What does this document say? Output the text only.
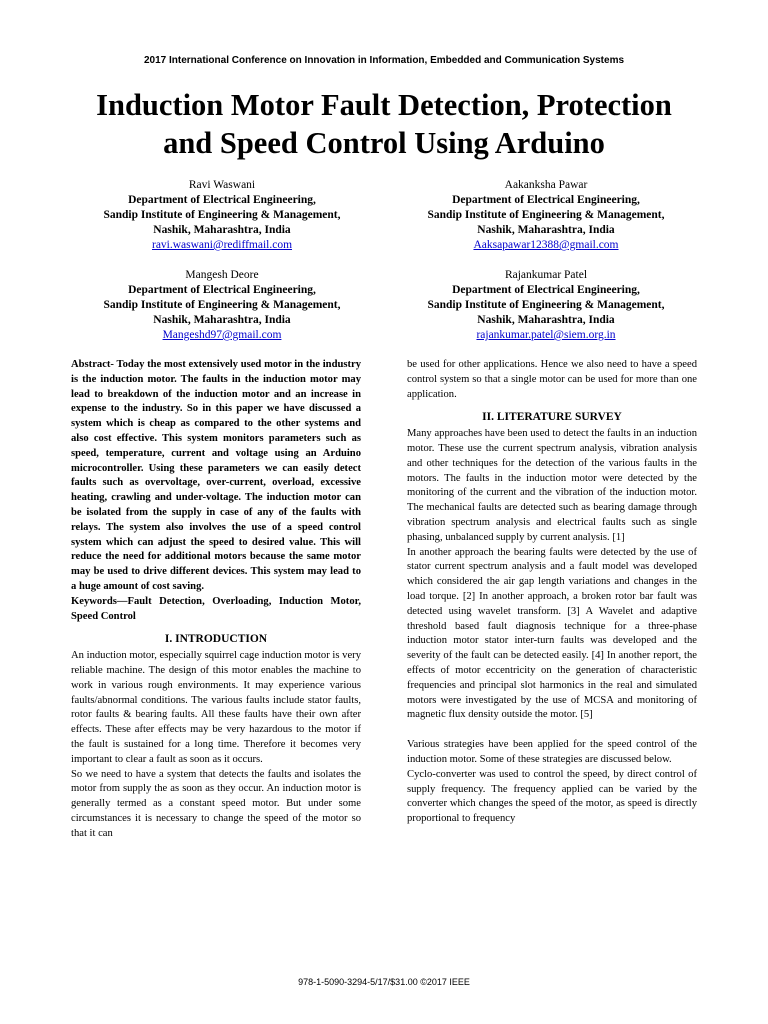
2017 International Conference on Innovation in Information, Embedded and Communication Systems
Induction Motor Fault Detection, Protection
and Speed Control Using Arduino
Ravi Waswani
Department of Electrical Engineering,
Sandip Institute of Engineering & Management,
Nashik, Maharashtra, India
ravi.waswani@rediffmail.com
Aakanksha Pawar
Department of Electrical Engineering,
Sandip Institute of Engineering & Management,
Nashik, Maharashtra, India
Aaksapawar12388@gmail.com
Mangesh Deore
Department of Electrical Engineering,
Sandip Institute of Engineering & Management,
Nashik, Maharashtra, India
Mangeshd97@gmail.com
Rajankumar Patel
Department of Electrical Engineering,
Sandip Institute of Engineering & Management,
Nashik, Maharashtra, India
rajankumar.patel@siem.org.in

Abstract- Today the most extensively used motor in the industry is the induction motor. The faults in the induction motor may lead to breakdown of the induction motor and an increase in expense to the industry. So in this paper we have discussed a system which is cheap as compared to the other systems and also cost effective. This system monitors parameters such as speed, temperature, current and voltage using an Arduino microcontroller. Using these parameters we can easily detect faults such as overvoltage, over-current, overload, excessive heating, crawling and under-voltage. The induction motor can be isolated from the supply in case of any of the faults with relays. The system also involves the use of a speed control system which can adjust the speed to desired value. This will reduce the need for additional motors because the same motor may be used to drive different devices. This system may lead to a huge amount of cost saving.

Keywords—Fault Detection, Overloading, Induction Motor, Speed Control

I. INTRODUCTION

An induction motor, especially squirrel cage induction motor is very reliable machine. The design of this motor enables the machine to work in various rough environments. It may experience various faults/abnormal conditions. The various faults include stator faults, rotor faults & bearing faults. All these faults have their own after effects. These after effects may be very hazardous to the motor if the fault is sustained for a long time. Therefore it becomes very important to clear a fault as soon as it occurs.

So we need to have a system that detects the faults and isolates the motor from supply the as soon as they occur. An induction motor is generally termed as a constant speed motor. But under some circumstances it is necessary to change the speed of the motor so that it can

be used for other applications. Hence we also need to have a speed control system so that a single motor can be used for more than one application.

II. LITERATURE SURVEY

Many approaches have been used to detect the faults in an induction motor. These use the current spectrum analysis, vibration analysis and other techniques for the detection of the various faults in the motors. The faults in the induction motor were detected by the monitoring of the current and the vibration of the induction motor. The mechanical faults are detected such as bearing damage through vibration spectrum analysis and electrical faults such as single phasing, unbalanced supply by current analysis. [1]

In another approach the bearing faults were detected by the use of stator current spectrum analysis and a fault model was developed which considered the air gap length variations and changes in the load torque. [2] In another approach, a broken rotor bar fault was detected using wavelet transform. [3] A Wavelet and adaptive threshold based fault diagnosis technique for a three-phase induction motor stator inter-turn faults was developed and the severity of the fault can be detected easily. [4] In another report, the effects of motor eccentricity on the generation of characteristic frequencies and principal slot harmonics in the real and simulated motors were investigated by the use of MCSA and monitoring of magnetic flux density outside the motor. [5]

Various strategies have been applied for the speed control of the induction motor. Some of these strategies are discussed below.

Cyclo-converter was used to control the speed, by direct control of supply frequency. The frequency applied can be varied by the converter which changes the speed of the motor, as speed is directly proportional to frequency

978-1-5090-3294-5/17/$31.00 ©2017 IEEE
